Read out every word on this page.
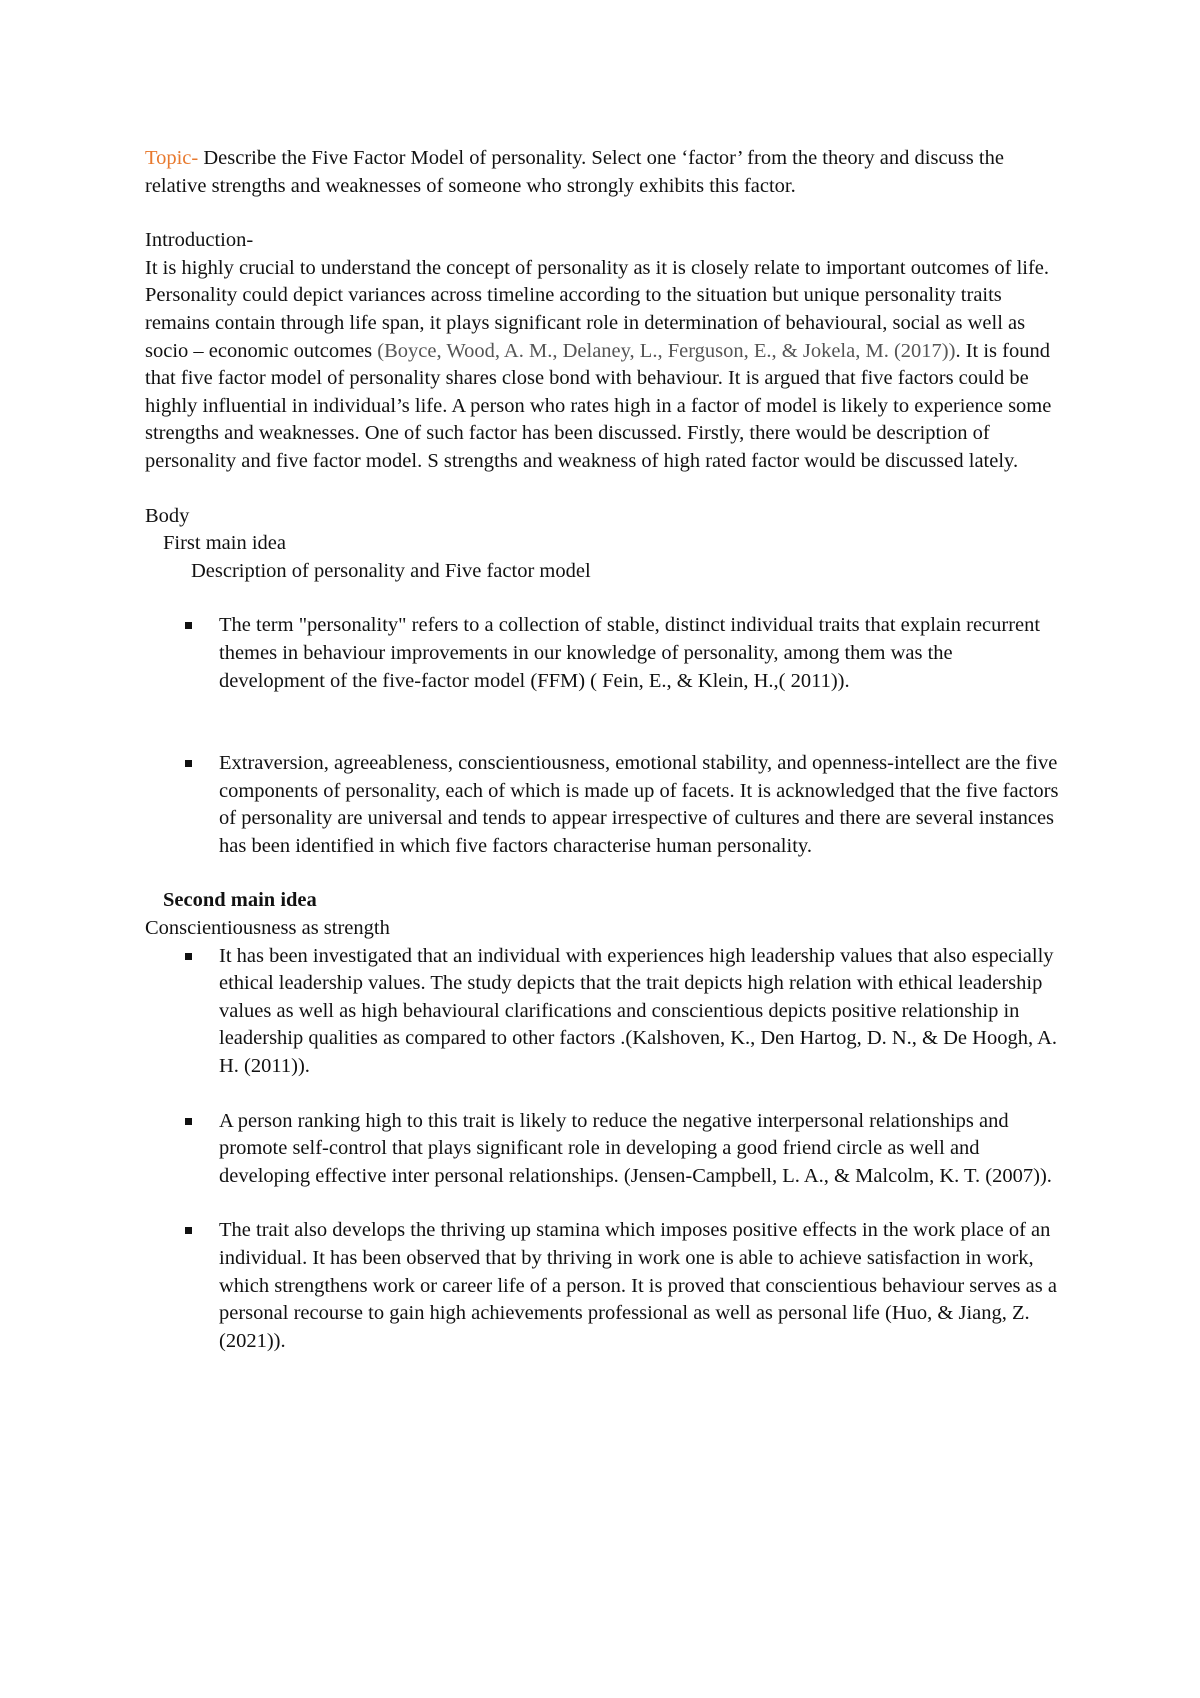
Topic- Describe the Five Factor Model of personality. Select one ‘factor’ from the theory and discuss the relative strengths and weaknesses of someone who strongly exhibits this factor.

Introduction-

It is highly crucial to understand the concept of personality as it is closely relate to important outcomes of life. Personality could depict variances across timeline according to the situation but unique personality traits remains contain through life span, it plays significant role in determination of behavioural, social as well as socio – economic outcomes (Boyce, Wood, A. M., Delaney, L., Ferguson, E., & Jokela, M. (2017)). It is found that five factor model of personality shares close bond with behaviour. It is argued that five factors could be highly influential in individual’s life. A person who rates high in a factor of model is likely to experience some strengths and weaknesses. One of such factor has been discussed. Firstly, there would be description of personality and five factor model. S strengths and weakness of high rated factor would be discussed lately.

Body

First main idea

Description of personality and Five factor model

The term "personality" refers to a collection of stable, distinct individual traits that explain recurrent themes in behaviour improvements in our knowledge of personality, among them was the development of the five-factor model (FFM) ( Fein, E., & Klein, H.,( 2011)).
Extraversion, agreeableness, conscientiousness, emotional stability, and openness-intellect are the five components of personality, each of which is made up of facets. It is acknowledged that the five factors of personality are universal and tends to appear irrespective of cultures and there are several instances has been identified in which five factors characterise human personality.

Second main idea

Conscientiousness as strength

It has been investigated that an individual with experiences high leadership values that also especially ethical leadership values. The study depicts that the trait depicts high relation with ethical leadership values as well as high behavioural clarifications and conscientious depicts positive relationship in leadership qualities as compared to other factors .(Kalshoven, K., Den Hartog, D. N., & De Hoogh, A. H. (2011)).
A person ranking high to this trait is likely to reduce the negative interpersonal relationships and promote self-control that plays significant role in developing a good friend circle as well and developing effective inter personal relationships. (Jensen-Campbell, L. A., & Malcolm, K. T. (2007)).
The trait also develops the thriving up stamina which imposes positive effects in the work place of an individual. It has been observed that by thriving in work one is able to achieve satisfaction in work, which strengthens work or career life of a person. It is proved that conscientious behaviour serves as a personal recourse to gain high achievements professional as well as personal life (Huo, & Jiang, Z. (2021)).
